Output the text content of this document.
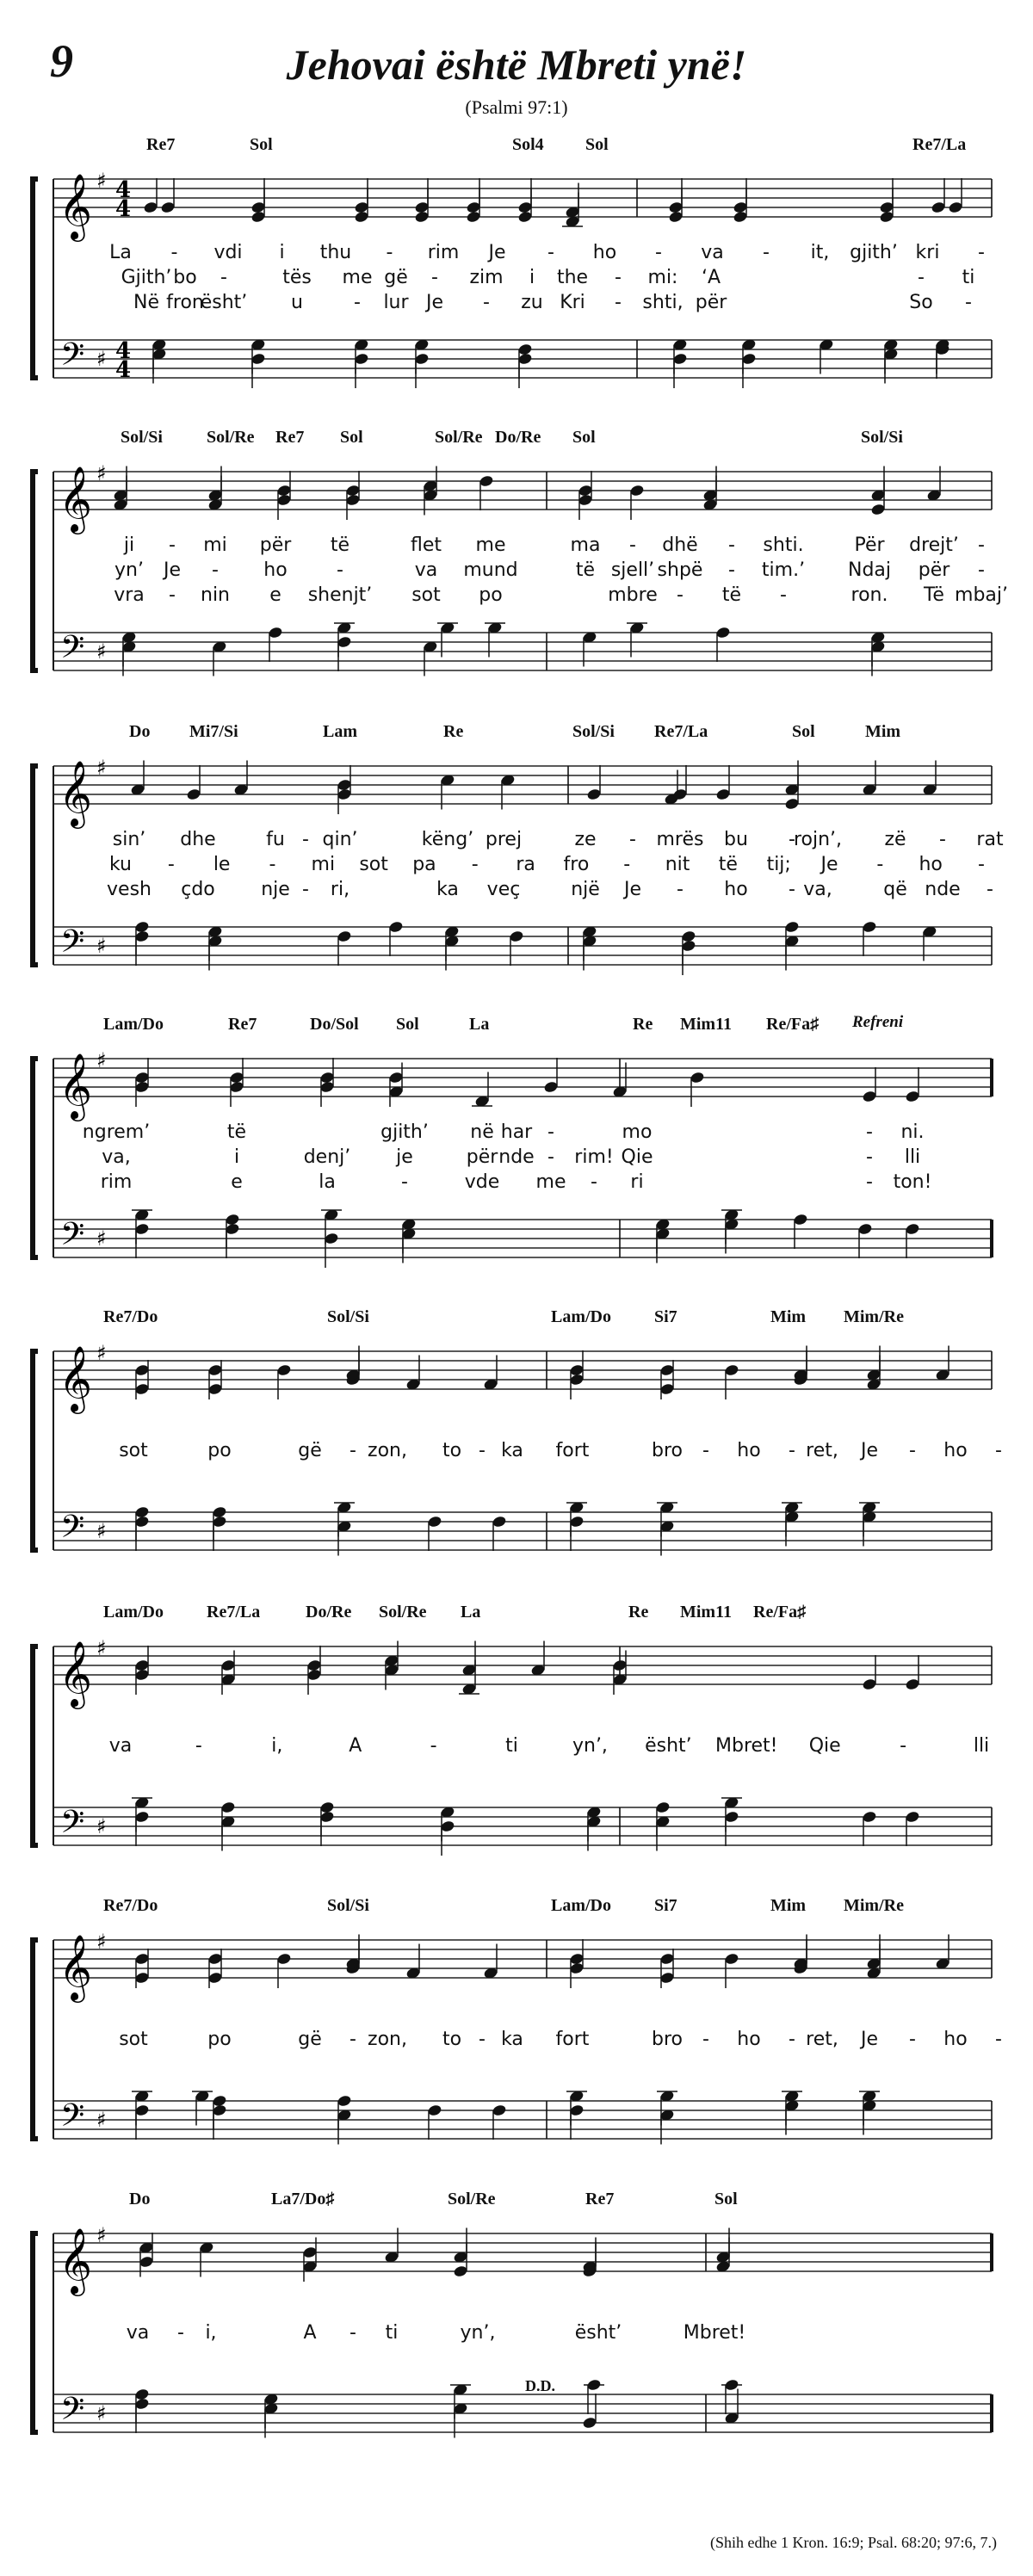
9	Jehovai është Mbreti ynë!
(Psalmi 97:1)
(Shih edhe 1 Kron. 16:9; Psal. 68:20; 97:6, 7.)
𝄞
𝄢
♯
♯
4
4
4
4
Re7	Sol	Sol4 Sol	Re7/La
La - vdi i thu - rim Je - ho - va - it, gjith’ kri -
Gjith’ bo -	tës me gë - zim i the - mi: ‘A	- ti
Në fron
ësht’ u	- lur Je - zu Kri - shti, për	So -
𝄞
𝄢
♯
♯
Sol/Si	Sol/Re Re7 Sol	Sol/Re Do/Re Sol	Sol/Si
ji - mi për të	flet me	ma - dhë - shti.	Për drejt’ -
yn’ Je - ho	-	va mund	të sjell’ shpë - tim.’ Ndaj për -
vra - nin e shenjt’ sot po	mbre - të -	ron. Të mbaj’
𝄞
𝄢
♯
♯
Do Mi7/Si	Lam	Re	Sol/Si Re7/La	Sol	Mim
sin’ dhe	fu - qin’	këng’ prej	ze - mrës bu -
rojn’, zë - rat
ku - le - mi sot pa - ra fro - nit të tij; Je - ho -
vesh çdo nje - ri,	ka veç	një Je - ho - va,	që nde -
𝄞
𝄢
♯
♯
Lam/Do	Re7	Do/Sol Sol	La	Re Mim11 Re/Fa♯
ngrem’	të	gjith’ në har -	mo	- ni.
va,	i	denj’ je	për nde - rim! Qie	- lli
rim	e	la	-	vde me - ri	- ton!
Refreni
𝄞
𝄢
♯
♯
Re7/Do	Sol/Si	Lam/Do	Si7	Mim Mim/Re
sot	po	gë - zon, to - ka fort	bro - ho - ret, Je - ho -
𝄞
𝄢
♯
♯
Lam/Do	Re7/La	Do/Re Sol/Re La	Re Mim11 Re/Fa♯
va	-	i,	A	-	ti	yn’, ësht’ Mbret! Qie	-	lli
𝄞
𝄢
♯
♯
Re7/Do	Sol/Si	Lam/Do	Si7	Mim Mim/Re
sot	po	gë - zon, to - ka fort	bro - ho - ret, Je - ho -
𝄞
𝄢
♯
♯
Do	La7/Do♯	Sol/Re	Re7	Sol
va - i,	A - ti	yn’,	ësht’	Mbret!
D.D.
